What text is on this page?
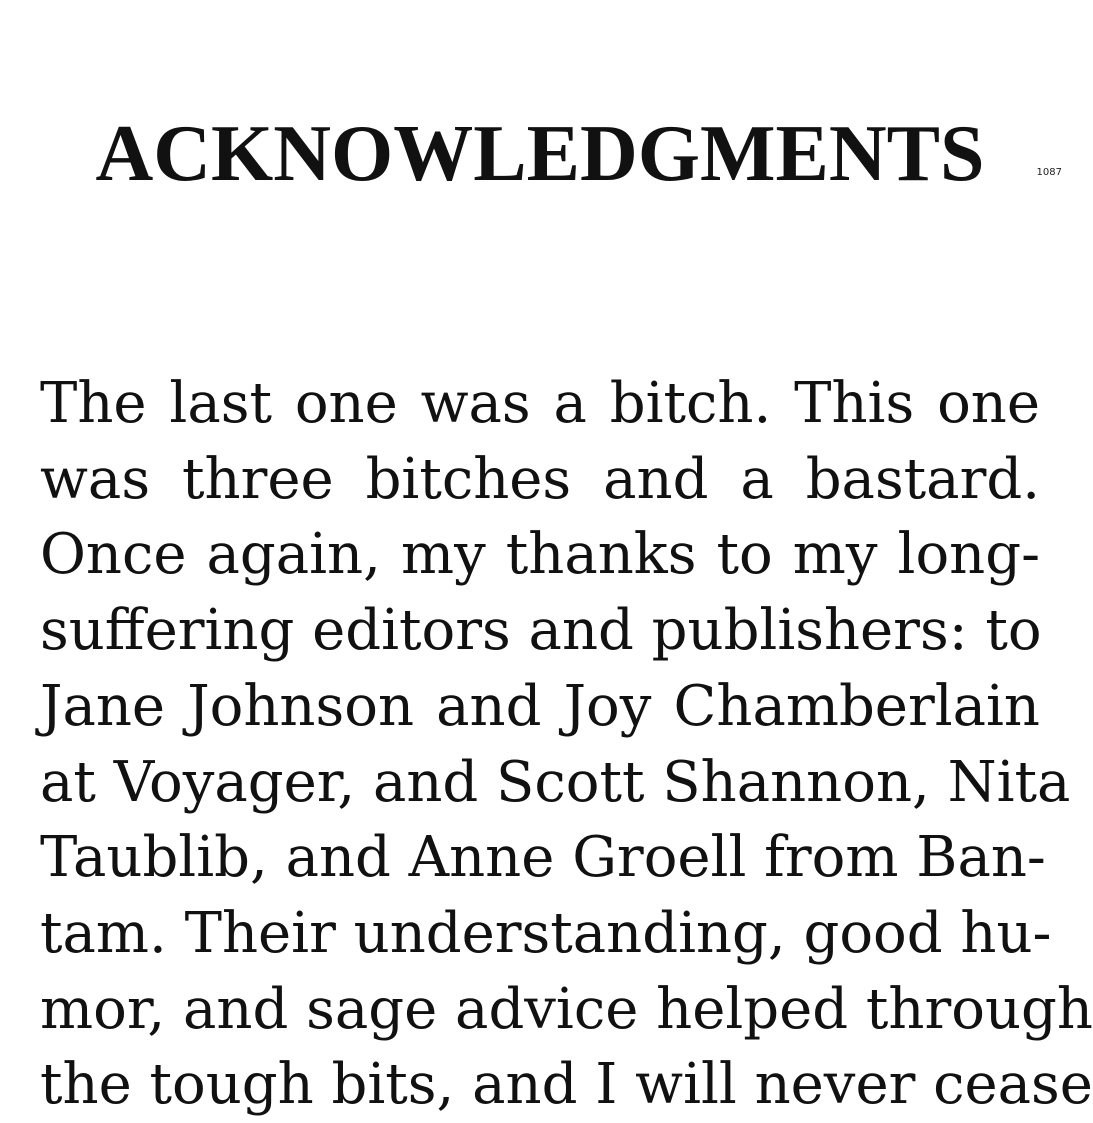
ACKNOWLEDGMENTS	1087
The last one was a bitch. This one
was three bitches and a bastard.
Once again, my thanks to my long-
suffering editors and publishers: to
Jane Johnson and Joy Chamberlain
at Voyager, and Scott Shannon, Nita
Taublib, and Anne Groell from Ban-
tam. Their understanding, good hu-
mor, and sage advice helped through
the tough bits, and I will never cease
